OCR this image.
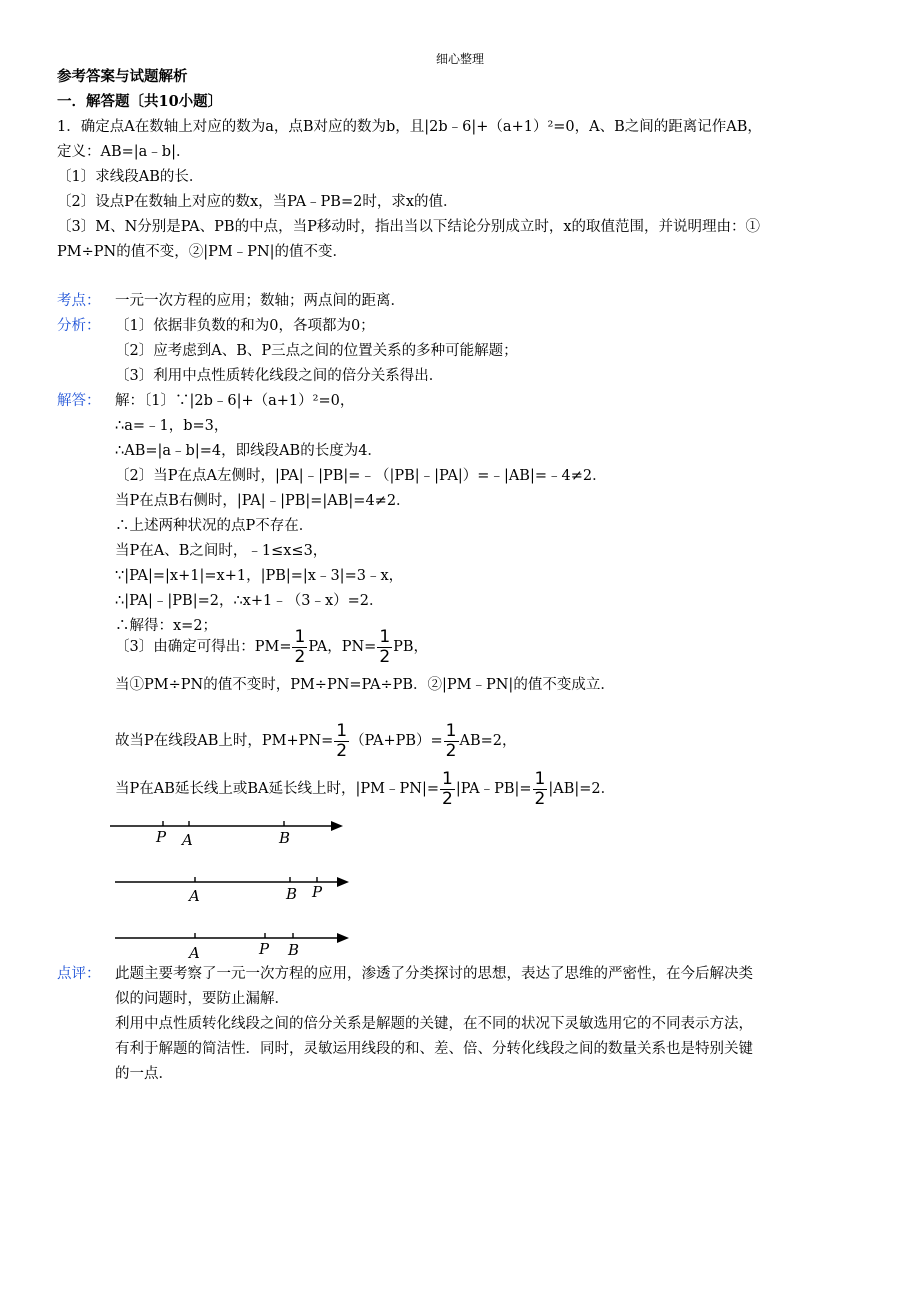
细心整理
参考答案与试题解析
一．解答题〔共10小题〕
1．确定点A在数轴上对应的数为a，点B对应的数为b，且|2b﹣6|+（a+1）²=0，A、B之间的距离记作AB，
定义：AB=|a﹣b|．
〔1〕求线段AB的长．
〔2〕设点P在数轴上对应的数x，当PA﹣PB=2时，求x的值．
〔3〕M、N分别是PA、PB的中点，当P移动时，指出当以下结论分别成立时，x的取值范围，并说明理由：①
PM÷PN的值不变，②|PM﹣PN|的值不变．
考点： 一元一次方程的应用；数轴；两点间的距离．
分析： 〔1〕依据非负数的和为0，各项都为0；
〔2〕应考虑到A、B、P三点之间的位置关系的多种可能解题；
〔3〕利用中点性质转化线段之间的倍分关系得出．
解答： 解：〔1〕∵|2b﹣6|+（a+1）²=0，
∴a=﹣1，b=3，
∴AB=|a﹣b|=4，即线段AB的长度为4．
〔2〕当P在点A左侧时，|PA|﹣|PB|=﹣（|PB|﹣|PA|）=﹣|AB|=﹣4≠2．
当P在点B右侧时，|PA|﹣|PB|=|AB|=4≠2．
∴上述两种状况的点P不存在．
当P在A、B之间时，﹣1≤x≤3，
∵|PA|=|x+1|=x+1，|PB|=|x﹣3|=3﹣x，
∴|PA|﹣|PB|=2，∴x+1﹣（3﹣x）=2．
∴解得：x=2；
〔3〕由确定可得出：$PM= \frac{1}{2}$ PA，$PN= \frac{1}{2}$ PB，
当①PM÷PN的值不变时，PM÷PN=PA÷PB．②|PM﹣PN|的值不变成立．
故当P在线段AB上时，$PM+PN= \frac{1}{2} (PA+PB)= \frac{1}{2} AB=2$，
当P在AB延长线上或BA延长线上时，|PM﹣PN|= $\frac{1}{2}$ |PA﹣PB|= $\frac{1}{2} |AB|=2$．
P A	B
A	B P
A	P B
点评： 此题主要考察了一元一次方程的应用，渗透了分类探讨的思想，表达了思维的严密性，在今后解决类
似的问题时，要防止漏解．
利用中点性质转化线段之间的倍分关系是解题的关键，在不同的状况下灵敏选用它的不同表示方法，
有利于解题的简洁性．同时，灵敏运用线段的和、差、倍、分转化线段之间的数量关系也是特别关键
的一点．
